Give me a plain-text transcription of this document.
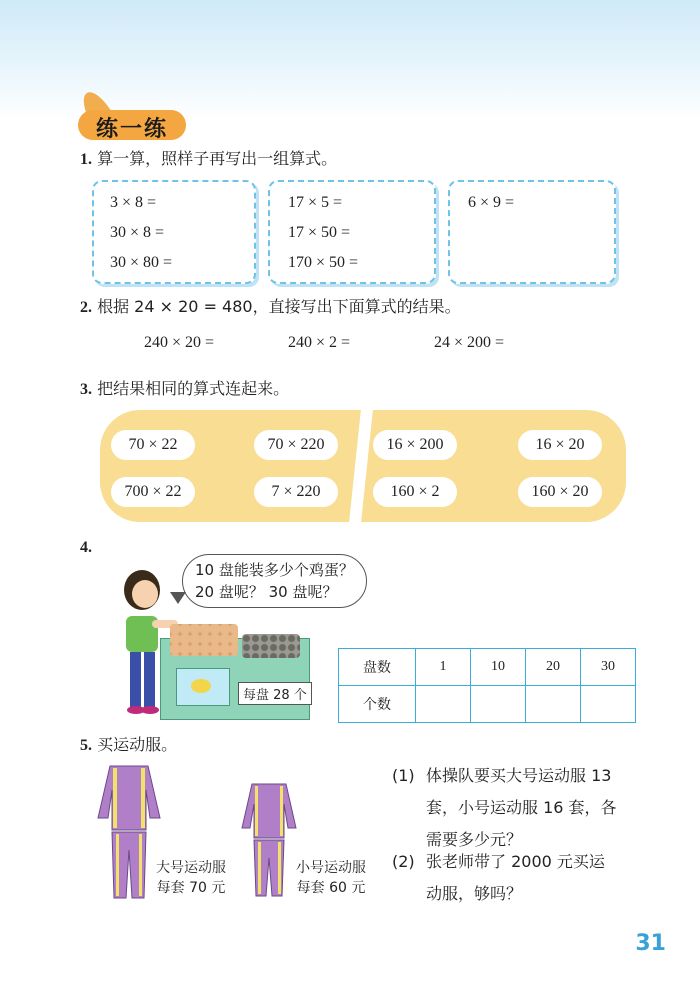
练一练
1. 算一算，照样子再写出一组算式。
3 × 8 =
30 × 8 =
30 × 80 =
17 × 5 =
17 × 50 =
170 × 50 =
6 × 9 =
2. 根据 24 × 20 = 480，直接写出下面算式的结果。
240 × 20 =	240 × 2 =	24 × 200 =
3. 把结果相同的算式连起来。
70 × 22	70 × 220
700 × 22	7 × 220
16 × 200	16 × 20
160 × 2	160 × 20
4.
10 盘能装多少个鸡蛋？
20 盘呢？ 30 盘呢？
每盘 28 个
盘数	1	10	20	30
个数				
5. 买运动服。
大号运动服
每套 70 元
小号运动服
每套 60 元
(1) 体操队要买大号运动服 13
套，小号运动服 16 套，各
需要多少元？
(2) 张老师带了 2000 元买运
动服，够吗？
31
